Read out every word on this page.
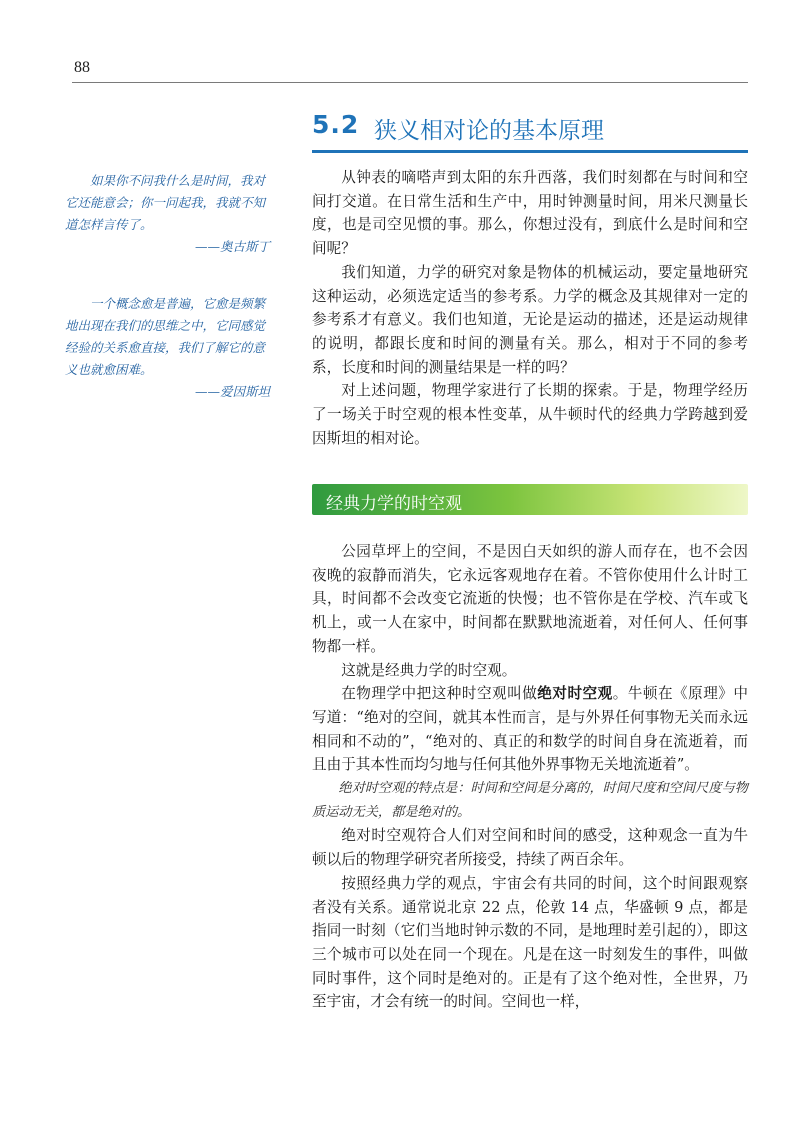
88
5.2 狭义相对论的基本原理
如果你不问我什么是时间，我对它还能意会；你一问起我，我就不知道怎样言传了。
——奥古斯丁
一个概念愈是普遍，它愈是频繁地出现在我们的思维之中，它同感觉经验的关系愈直接，我们了解它的意义也就愈困难。
——爱因斯坦

从钟表的嘀嗒声到太阳的东升西落，我们时刻都在与时间和空间打交道。在日常生活和生产中，用时钟测量时间，用米尺测量长度，也是司空见惯的事。那么，你想过没有，到底什么是时间和空间呢？

我们知道，力学的研究对象是物体的机械运动，要定量地研究这种运动，必须选定适当的参考系。力学的概念及其规律对一定的参考系才有意义。我们也知道，无论是运动的描述，还是运动规律的说明，都跟长度和时间的测量有关。那么，相对于不同的参考系，长度和时间的测量结果是一样的吗？

对上述问题，物理学家进行了长期的探索。于是，物理学经历了一场关于时空观的根本性变革，从牛顿时代的经典力学跨越到爱因斯坦的相对论。

经典力学的时空观

公园草坪上的空间，不是因白天如织的游人而存在，也不会因夜晚的寂静而消失，它永远客观地存在着。不管你使用什么计时工具，时间都不会改变它流逝的快慢；也不管你是在学校、汽车或飞机上，或一人在家中，时间都在默默地流逝着，对任何人、任何事物都一样。

这就是经典力学的时空观。

在物理学中把这种时空观叫做绝对时空观。牛顿在《原理》中写道：“绝对的空间，就其本性而言，是与外界任何事物无关而永远相同和不动的”，“绝对的、真正的和数学的时间自身在流逝着，而且由于其本性而均匀地与任何其他外界事物无关地流逝着”。

绝对时空观的特点是：时间和空间是分离的，时间尺度和空间尺度与物质运动无关，都是绝对的。

绝对时空观符合人们对空间和时间的感受，这种观念一直为牛顿以后的物理学研究者所接受，持续了两百余年。

按照经典力学的观点，宇宙会有共同的时间，这个时间跟观察者没有关系。通常说北京 22 点，伦敦 14 点，华盛顿 9 点，都是指同一时刻（它们当地时钟示数的不同，是地理时差引起的），即这三个城市可以处在同一个现在。凡是在这一时刻发生的事件，叫做同时事件，这个同时是绝对的。正是有了这个绝对性，全世界，乃至宇宙，才会有统一的时间。空间也一样，
